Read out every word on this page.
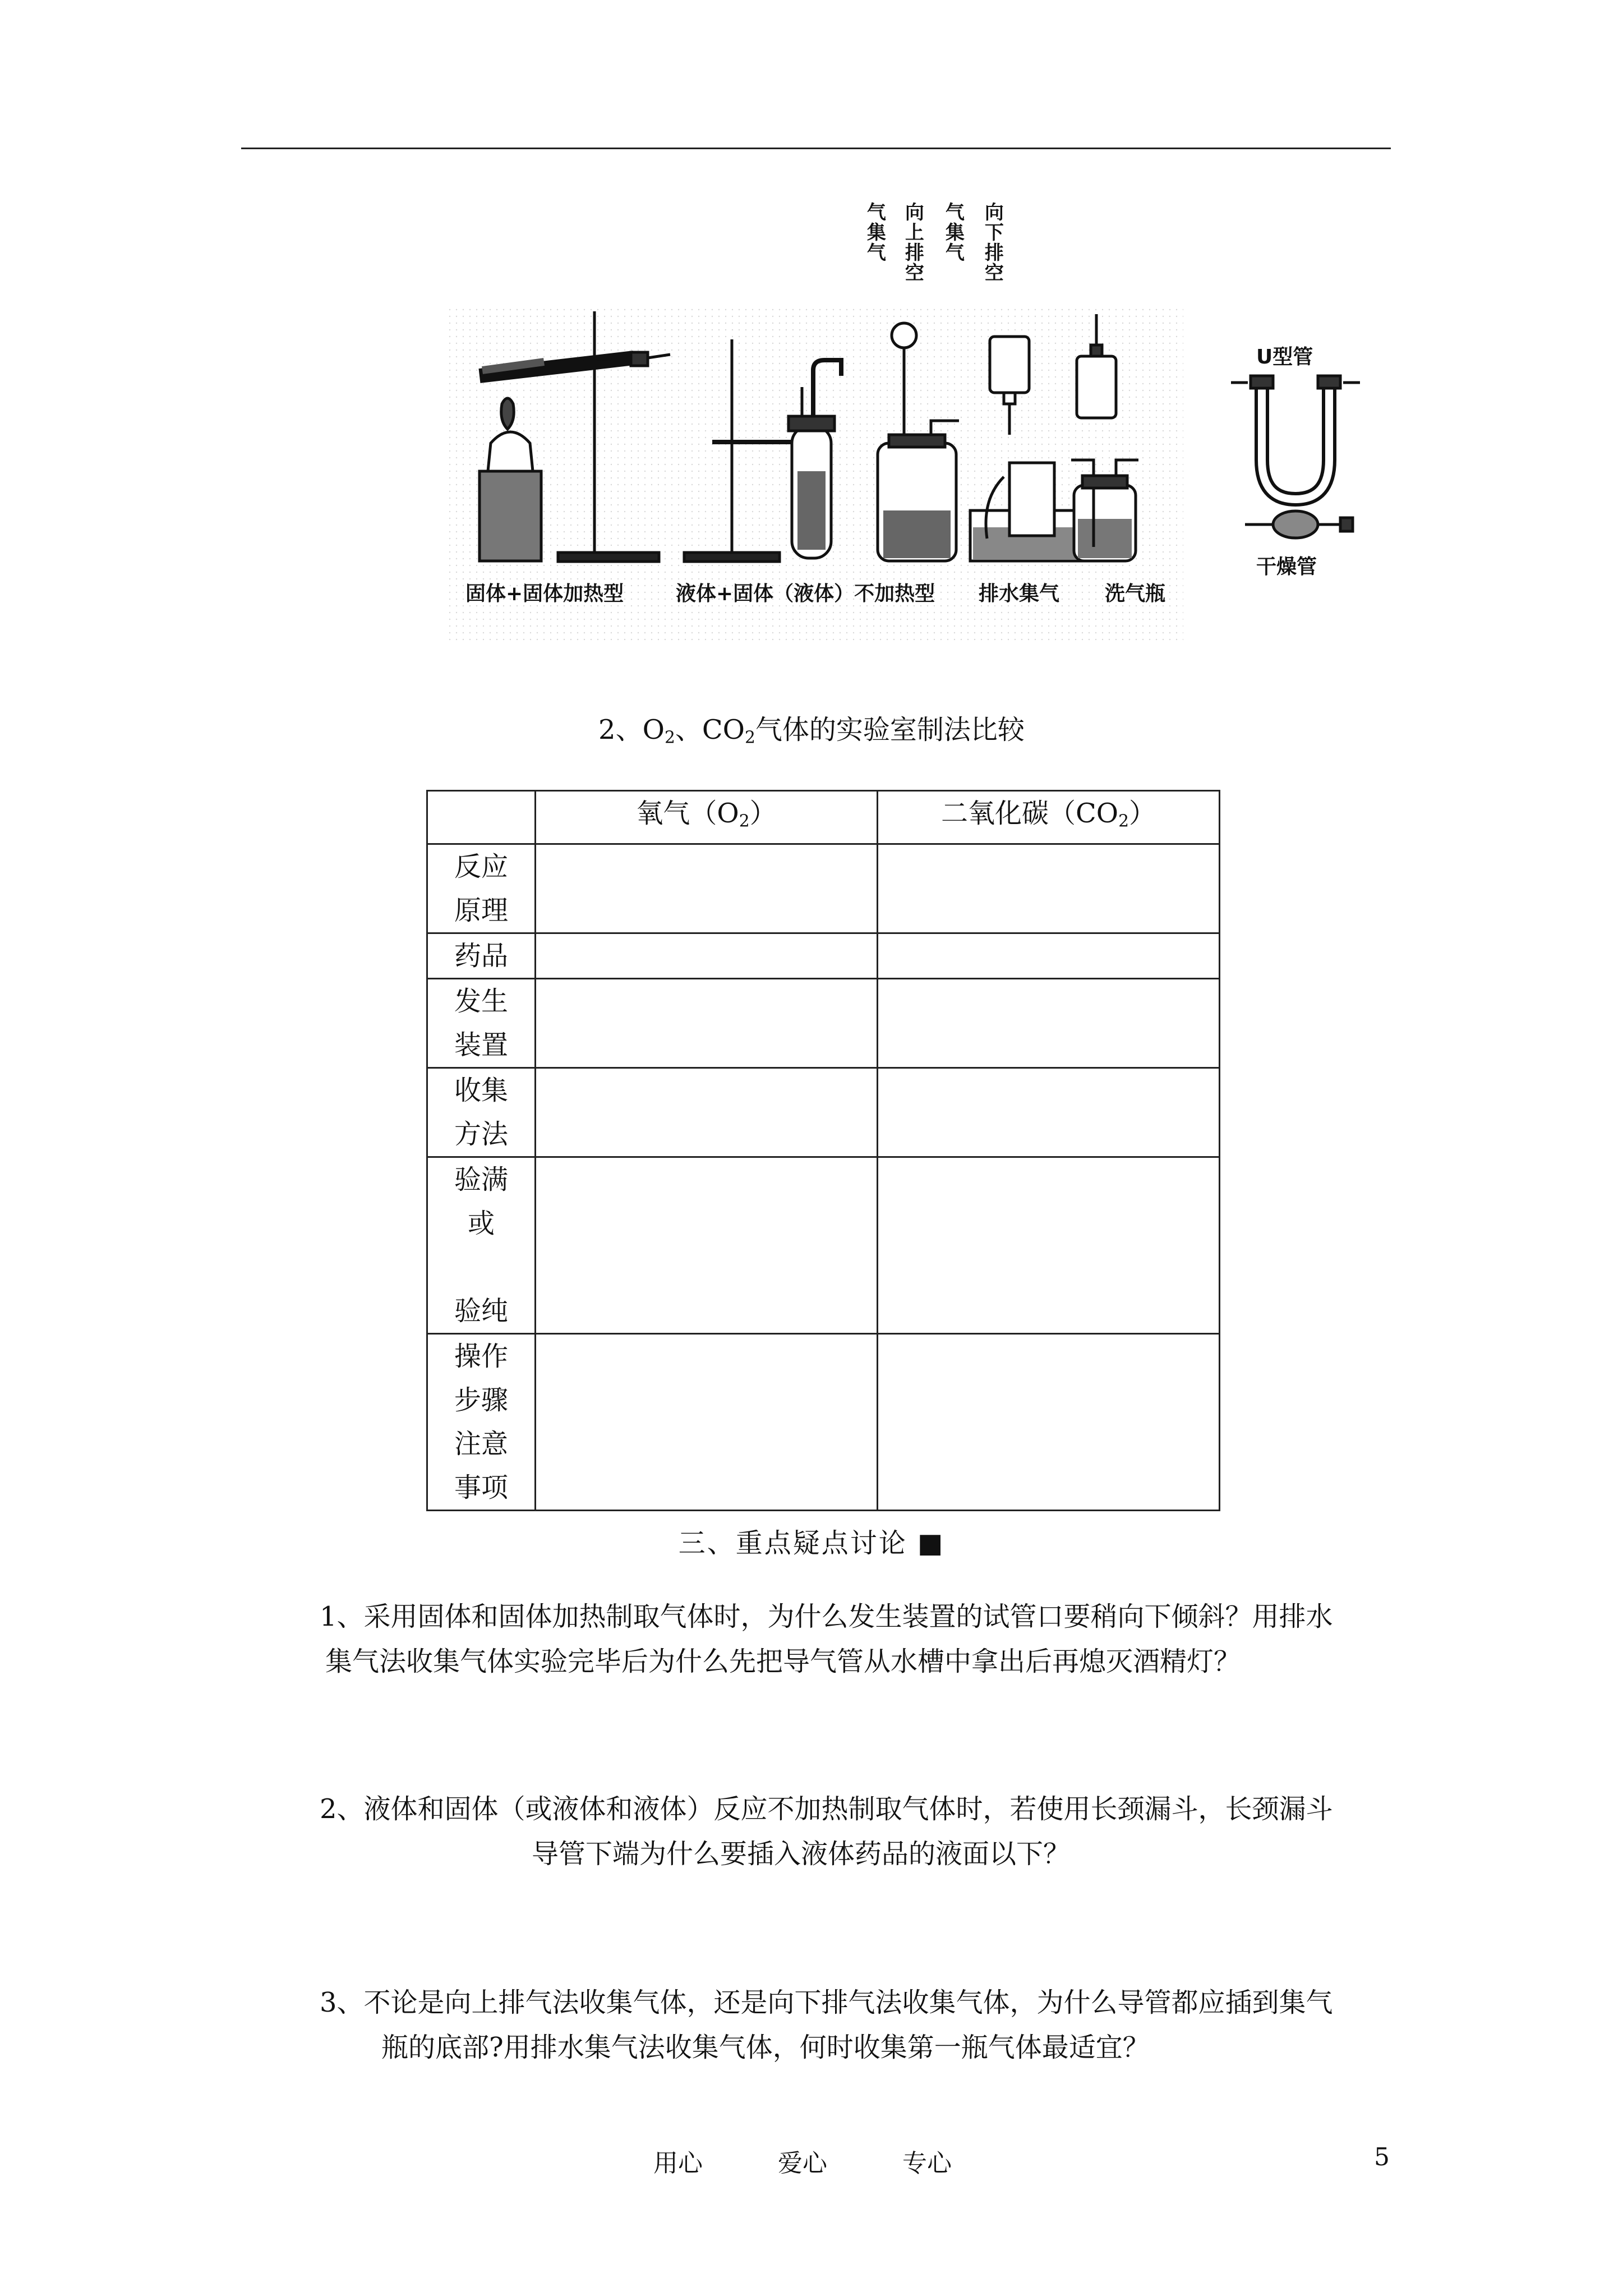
固体+固体加热型	液体+固体（液体）不加热型 排水集气 洗气瓶
U型管
干燥管
气集气 向上排空 气集气 向下排空
2、$O_2$、$CO_2$气体的实验室制法比较
	氧气$(O_2)$	二氧化碳$(CO_2)$

反应
原理		

药品		

发生
装置		

收集
方法		

验满
或
验纯		

操作
步骤
注意
事项		

三、重点疑点讨论 ■
1、采用固体和固体加热制取气体时，为什么发生装置的试管口要稍向下倾斜？用排水
集气法收集气体实验完毕后为什么先把导气管从水槽中拿出后再熄灭酒精灯？
2、液体和固体（或液体和液体）反应不加热制取气体时，若使用长颈漏斗，长颈漏斗
导管下端为什么要插入液体药品的液面以下？
3、不论是向上排气法收集气体，还是向下排气法收集气体，为什么导管都应插到集气
瓶的底部?用排水集气法收集气体，何时收集第一瓶气体最适宜？
用心	爱心	专心	5
